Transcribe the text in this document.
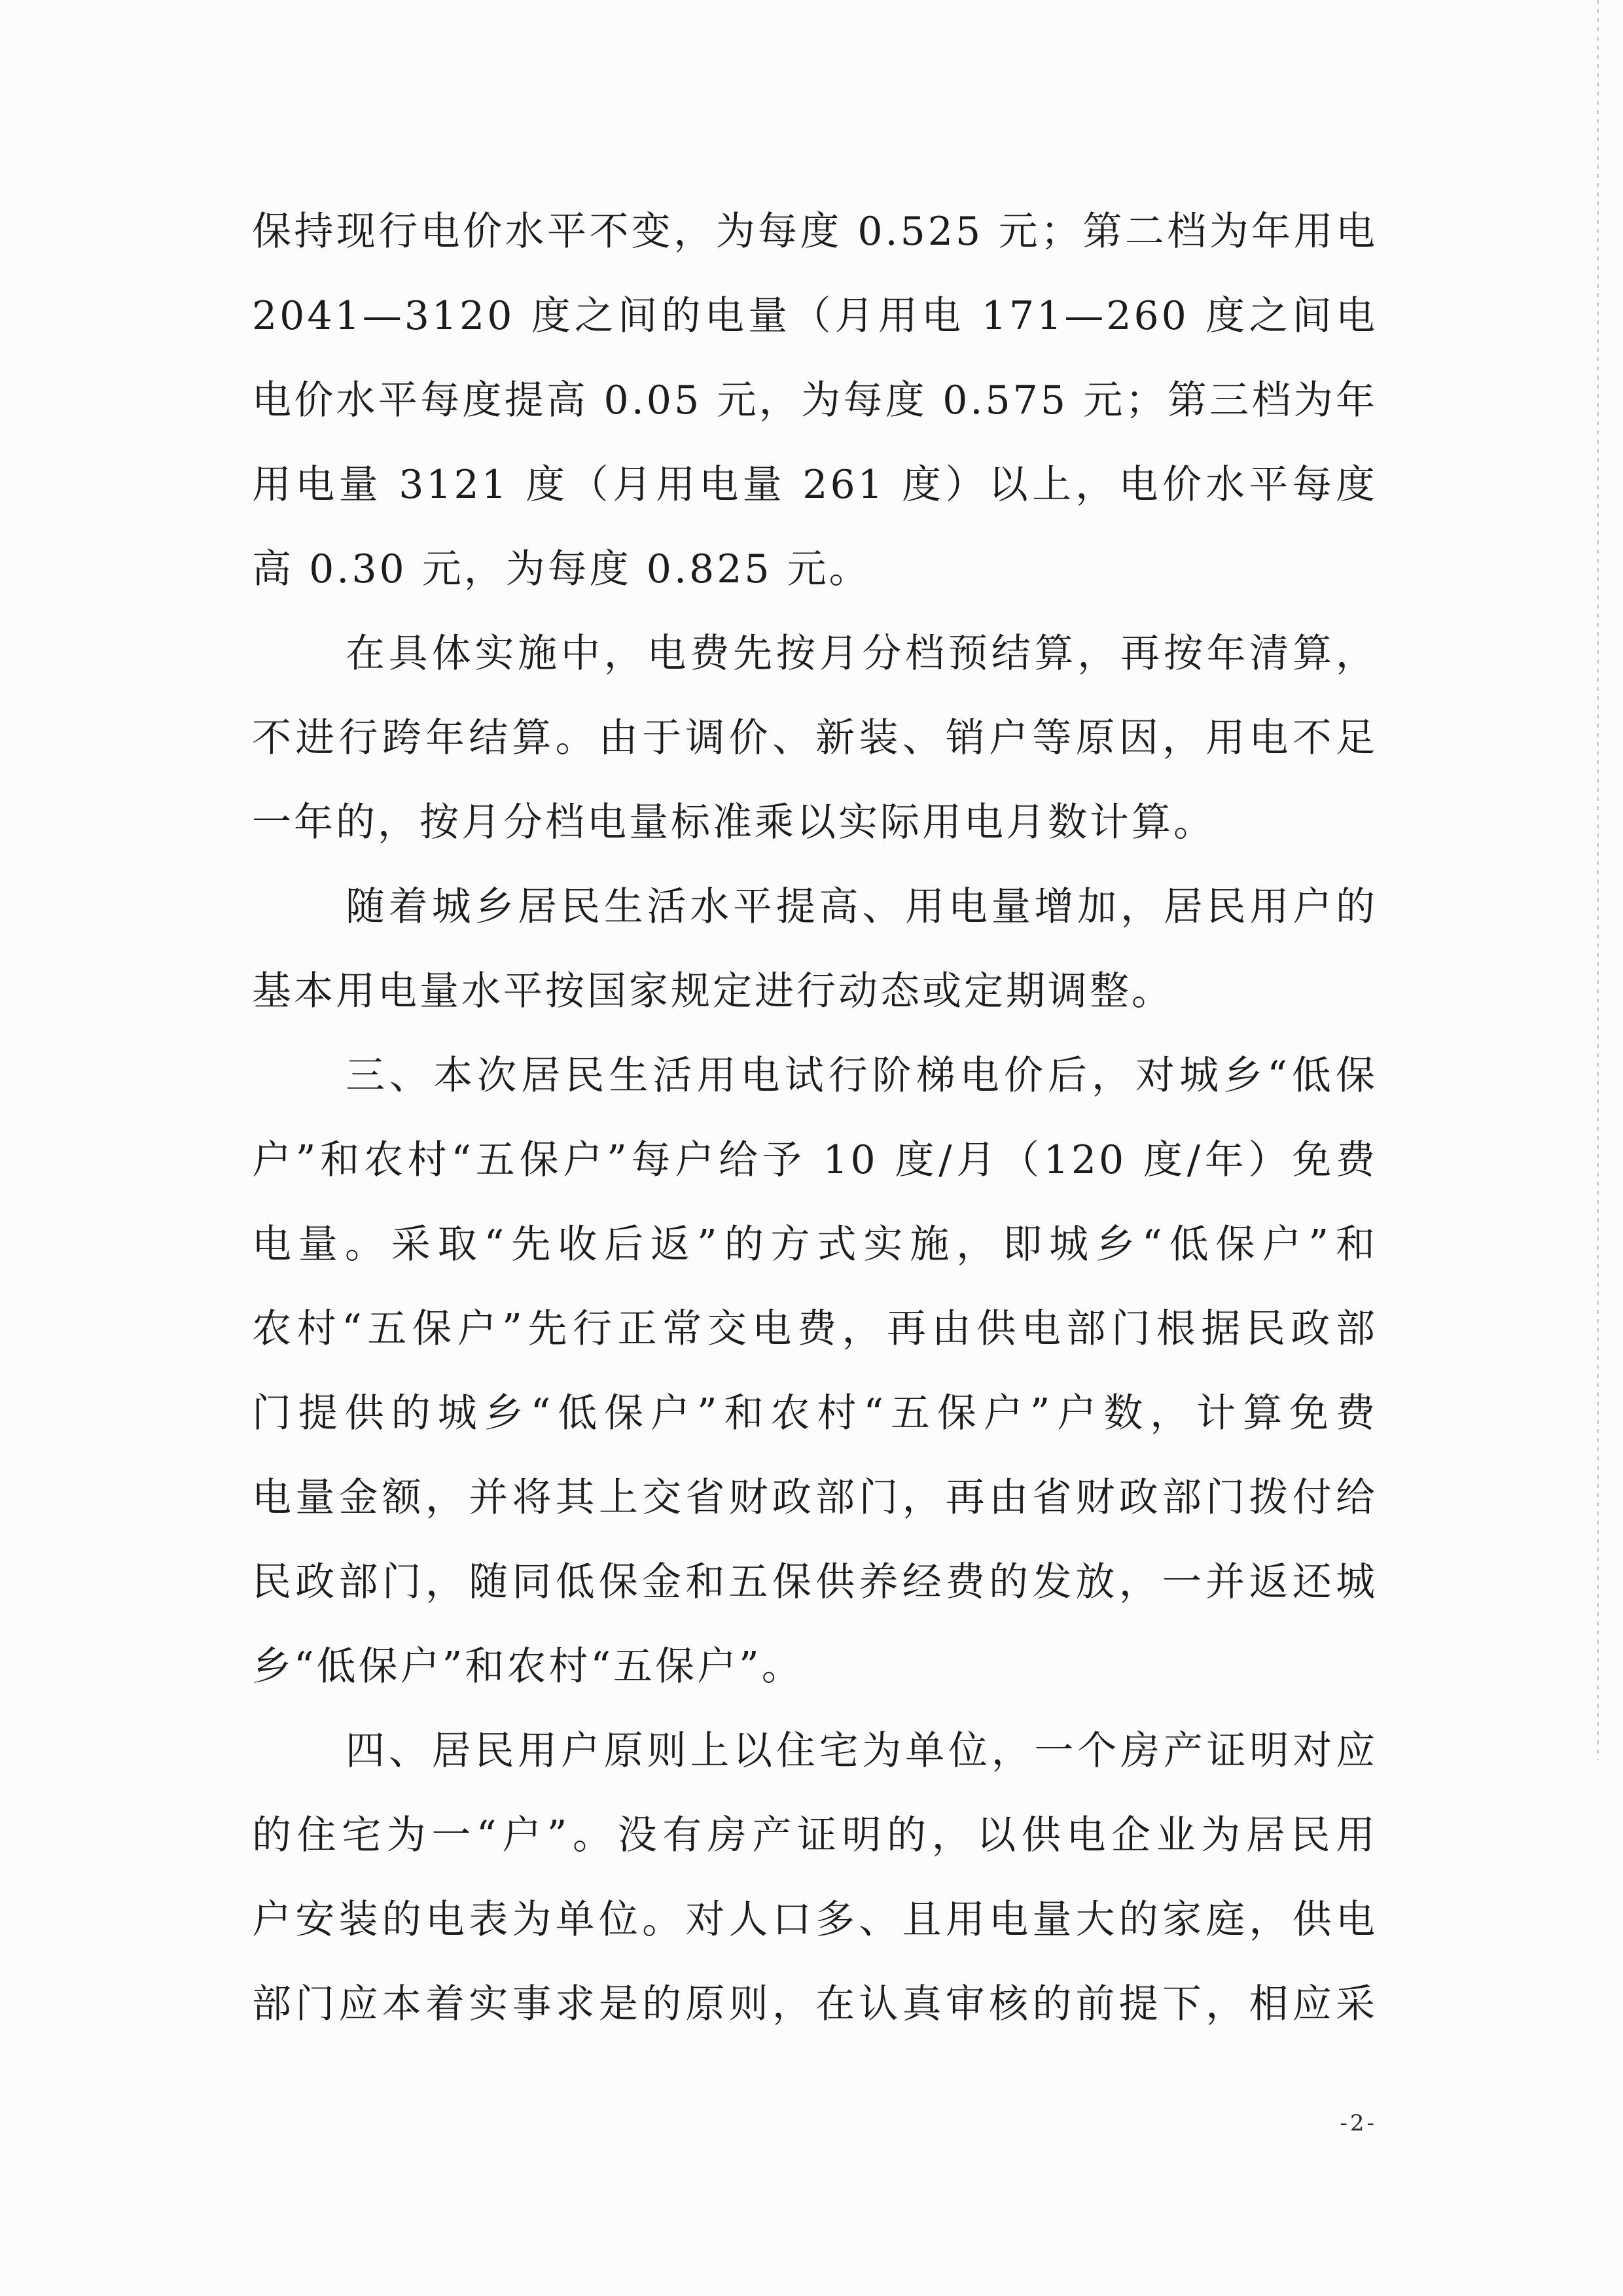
保持现行电价水平不变，为每度 0.525 元；第二档为年用电
2041—3120 度之间的电量（月用电 171—260 度之间电
电价水平每度提高 0.05 元，为每度 0.575 元；第三档为年
用电量 3121 度（月用电量 261 度）以上，电价水平每度
高 0.30 元，为每度 0.825 元。
在具体实施中，电费先按月分档预结算，再按年清算，
不进行跨年结算。由于调价、新装、销户等原因，用电不足
一年的，按月分档电量标准乘以实际用电月数计算。
随着城乡居民生活水平提高、用电量增加，居民用户的
基本用电量水平按国家规定进行动态或定期调整。
三、本次居民生活用电试行阶梯电价后，对城乡“低保
户”和农村“五保户”每户给予 10 度/月（120 度/年）免费
电量。采取“先收后返”的方式实施，即城乡“低保户”和
农村“五保户”先行正常交电费，再由供电部门根据民政部
门提供的城乡“低保户”和农村“五保户”户数，计算免费
电量金额，并将其上交省财政部门，再由省财政部门拨付给
民政部门，随同低保金和五保供养经费的发放，一并返还城
乡“低保户”和农村“五保户”。
四、居民用户原则上以住宅为单位，一个房产证明对应
的住宅为一“户”。没有房产证明的，以供电企业为居民用
户安装的电表为单位。对人口多、且用电量大的家庭，供电
部门应本着实事求是的原则，在认真审核的前提下，相应采
-2-
